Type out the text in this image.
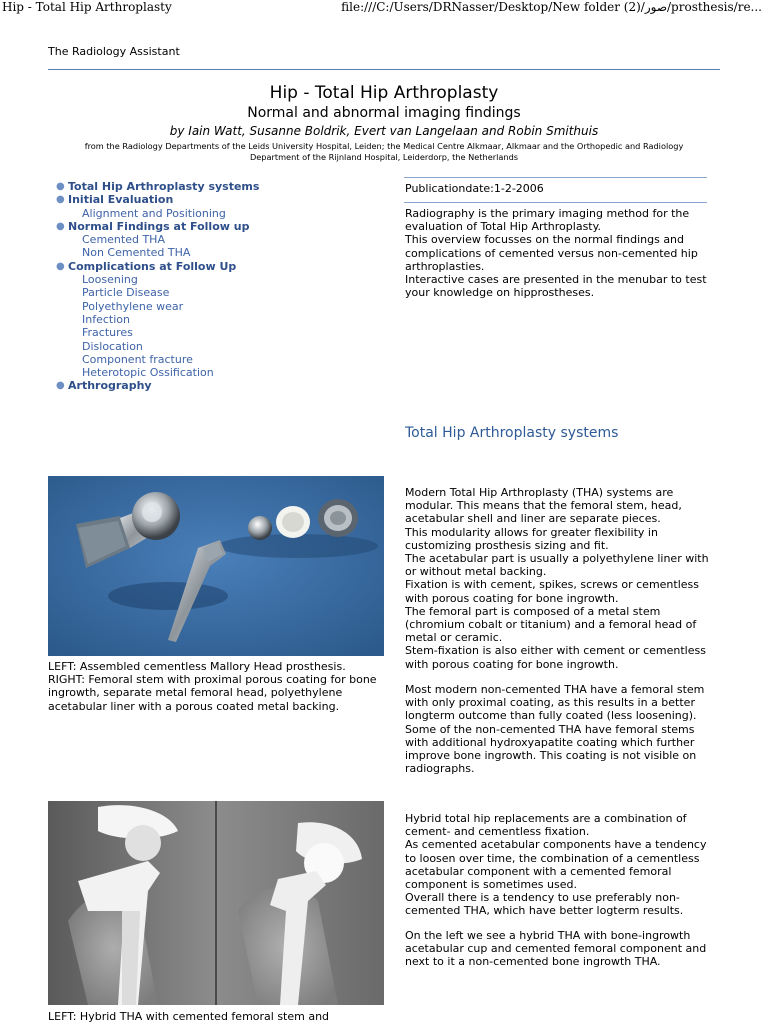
Hip - Total Hip Arthroplasty	file:///C:/Users/DRNasser/Desktop/New folder (2)/صور/prosthesis/re...
The Radiology Assistant
Hip - Total Hip Arthroplasty
Normal and abnormal imaging findings
by Iain Watt, Susanne Boldrik, Evert van Langelaan and Robin Smithuis
from the Radiology Departments of the Leids University Hospital, Leiden; the Medical Centre Alkmaar, Alkmaar and the Orthopedic and Radiology
Department of the Rijnland Hospital, Leiderdorp, the Netherlands
● Total Hip Arthroplasty systems
● Initial Evaluation
Alignment and Positioning
● Normal Findings at Follow up
Cemented THA
Non Cemented THA
● Complications at Follow Up
Loosening
Particle Disease
Polyethylene wear
Infection
Fractures
Dislocation
Component fracture
Heterotopic Ossification
● Arthrography
Publicationdate:1-2-2006

Radiography is the primary imaging method for the evaluation of Total Hip Arthroplasty.

This overview focusses on the normal findings and complications of cemented versus non-cemented hip arthroplasties.

Interactive cases are presented in the menubar to test your knowledge on hipprostheses.

Total Hip Arthroplasty systems

LEFT: Assembled cementless Mallory Head prosthesis.

RIGHT: Femoral stem with proximal porous coating for bone ingrowth, separate metal femoral head, polyethylene acetabular liner with a porous coated metal backing.

Modern Total Hip Arthroplasty (THA) systems are modular. This means that the femoral stem, head, acetabular shell and liner are separate pieces.

This modularity allows for greater flexibility in customizing prosthesis sizing and fit.

The acetabular part is usually a polyethylene liner with or without metal backing.

Fixation is with cement, spikes, screws or cementless with porous coating for bone ingrowth.

The femoral part is composed of a metal stem (chromium cobalt or titanium) and a femoral head of metal or ceramic.

Stem-fixation is also either with cement or cementless with porous coating for bone ingrowth.

Most modern non-cemented THA have a femoral stem with only proximal coating, as this results in a better longterm outcome than fully coated (less loosening). Some of the non-cemented THA have femoral stems with additional hydroxyapatite coating which further improve bone ingrowth. This coating is not visible on radiographs.

LEFT: Hybrid THA with cemented femoral stem and

Hybrid total hip replacements are a combination of cement- and cementless fixation.

As cemented acetabular components have a tendency to loosen over time, the combination of a cementless acetabular component with a cemented femoral component is sometimes used.

Overall there is a tendency to use preferably non-cemented THA, which have better logterm results.

On the left we see a hybrid THA with bone-ingrowth acetabular cup and cemented femoral component and next to it a non-cemented bone ingrowth THA.
